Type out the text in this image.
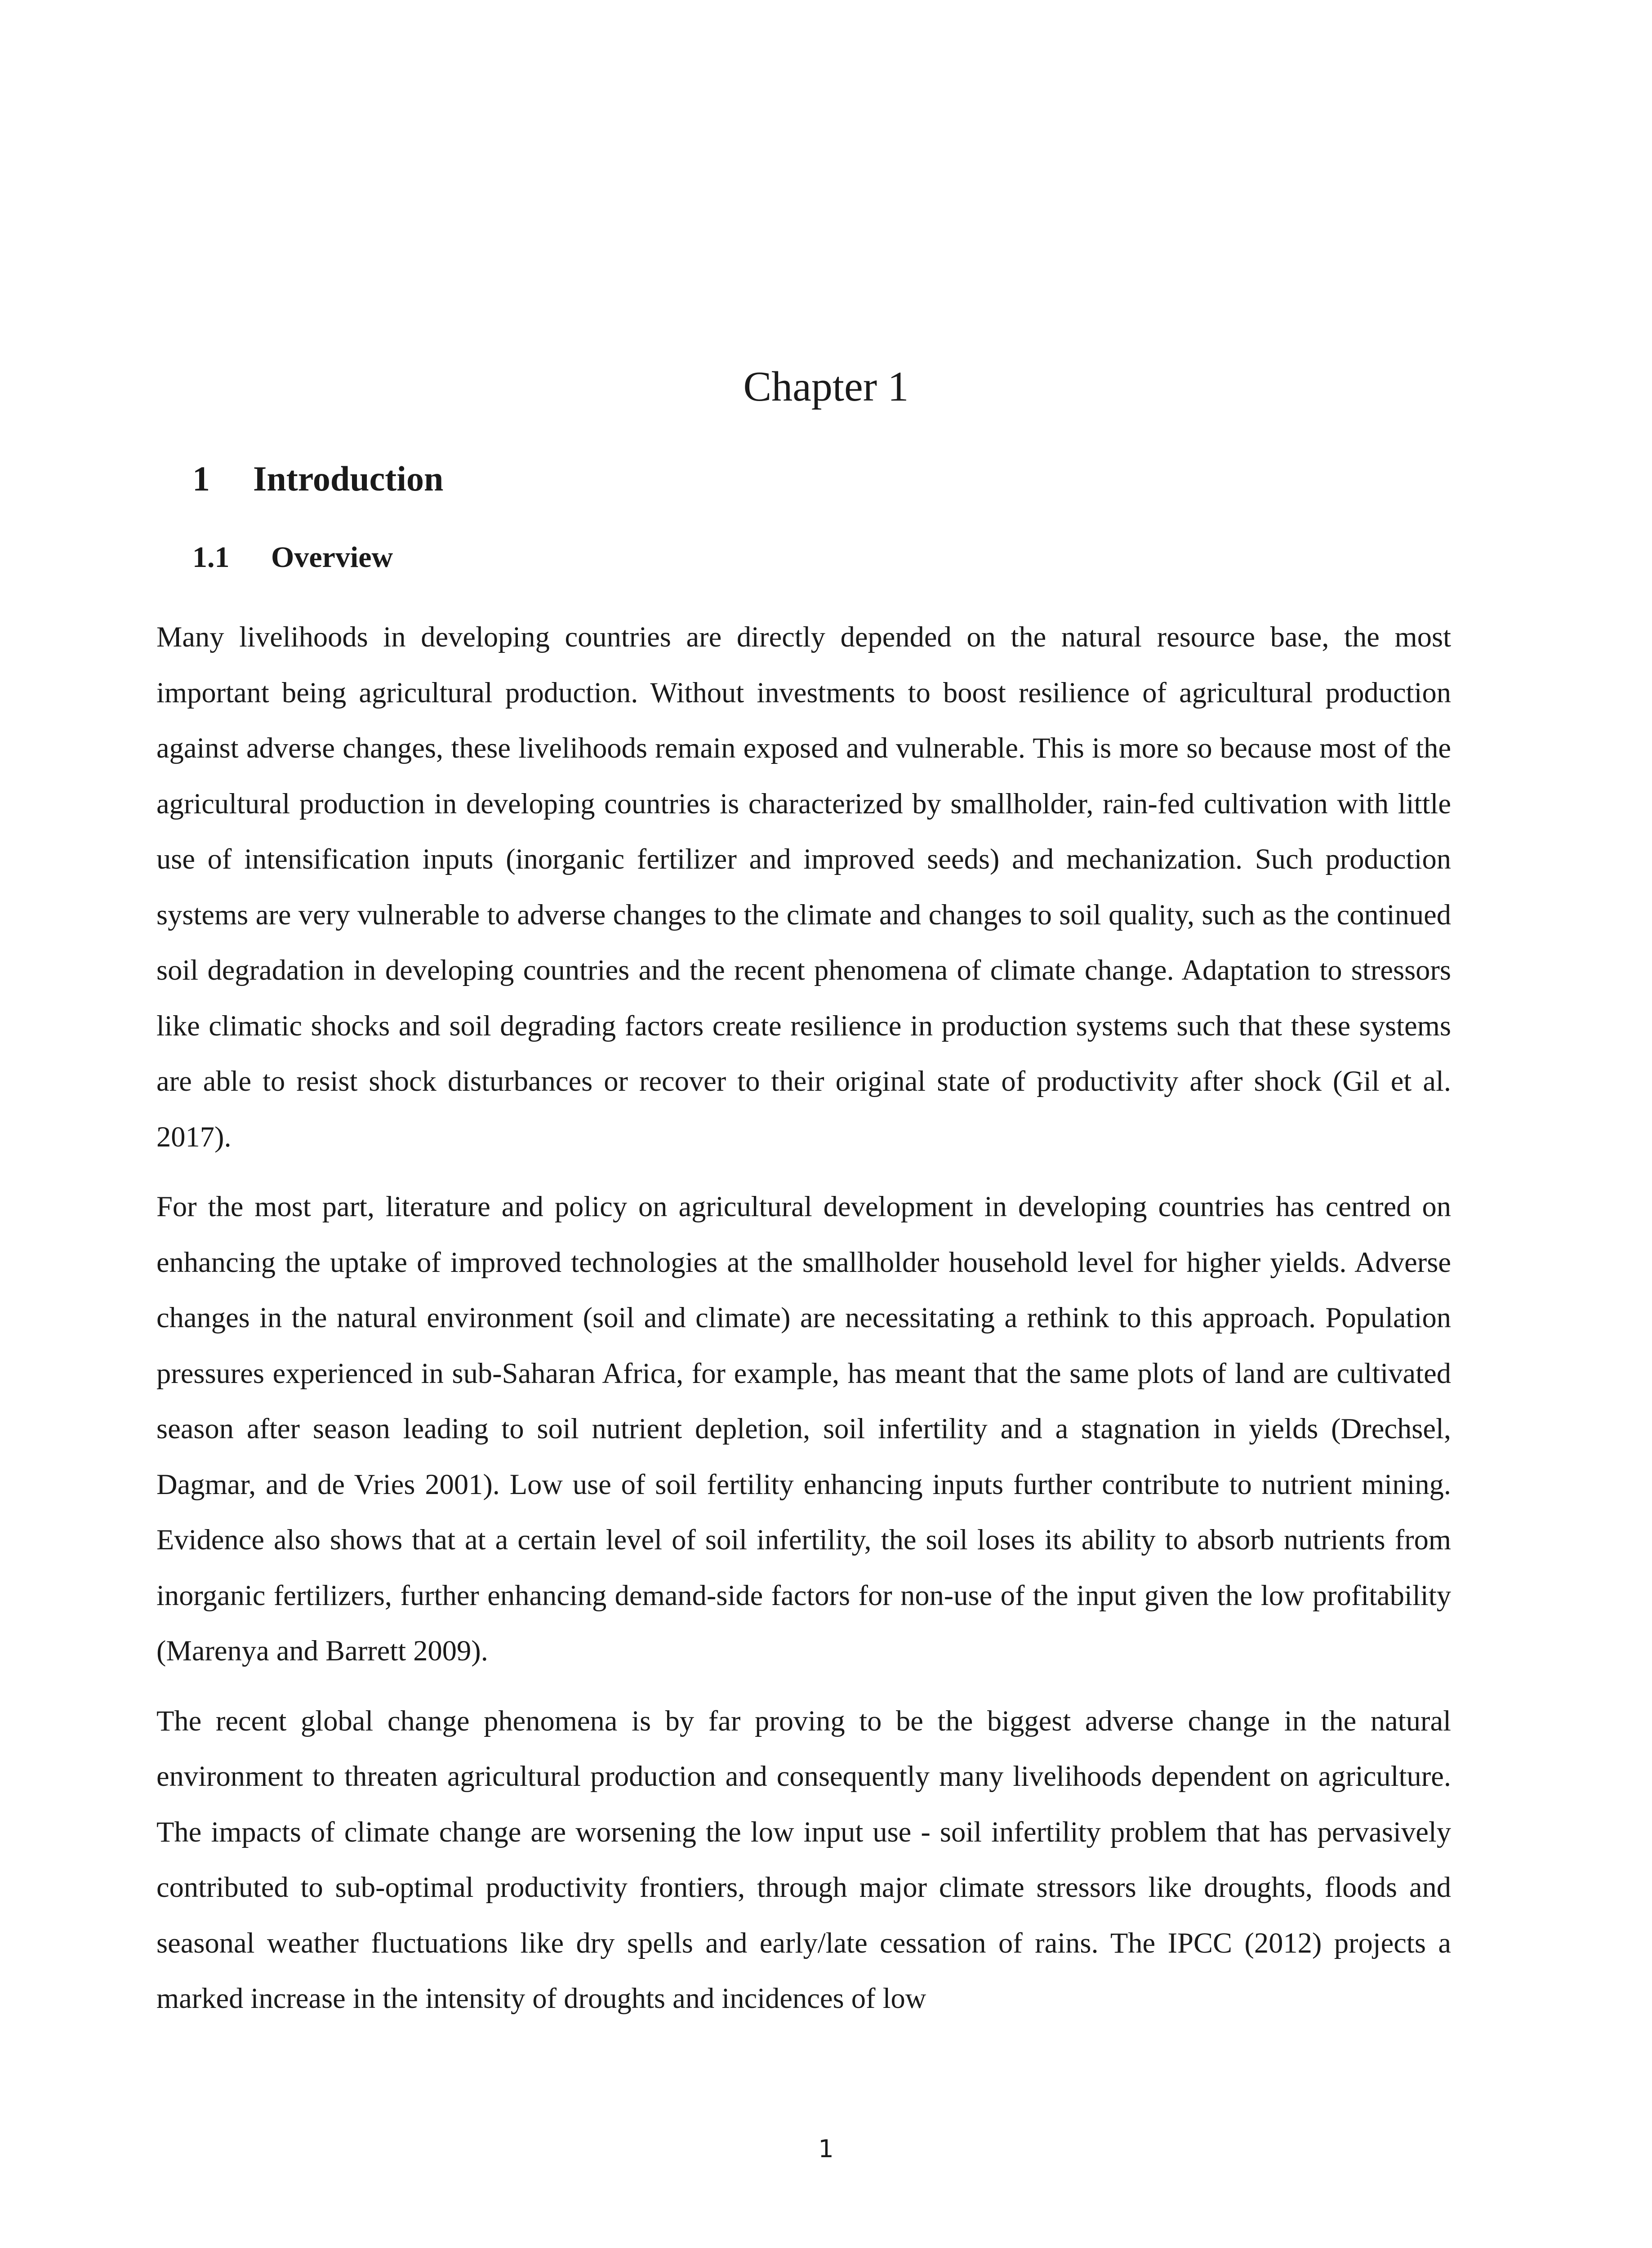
Chapter 1
1 Introduction
1.1 Overview

Many livelihoods in developing countries are directly depended on the natural resource base, the most important being agricultural production. Without investments to boost resilience of agricultural production against adverse changes, these livelihoods remain exposed and vulnerable. This is more so because most of the agricultural production in developing countries is characterized by smallholder, rain-fed cultivation with little use of intensification inputs (inorganic fertilizer and improved seeds) and mechanization. Such production systems are very vulnerable to adverse changes to the climate and changes to soil quality, such as the continued soil degradation in developing countries and the recent phenomena of climate change. Adaptation to stressors like climatic shocks and soil degrading factors create resilience in production systems such that these systems are able to resist shock disturbances or recover to their original state of productivity after shock (Gil et al. 2017).

For the most part, literature and policy on agricultural development in developing countries has centred on enhancing the uptake of improved technologies at the smallholder household level for higher yields. Adverse changes in the natural environment (soil and climate) are necessitating a rethink to this approach. Population pressures experienced in sub-Saharan Africa, for example, has meant that the same plots of land are cultivated season after season leading to soil nutrient depletion, soil infertility and a stagnation in yields (Drechsel, Dagmar, and de Vries 2001). Low use of soil fertility enhancing inputs further contribute to nutrient mining. Evidence also shows that at a certain level of soil infertility, the soil loses its ability to absorb nutrients from inorganic fertilizers, further enhancing demand-side factors for non-use of the input given the low profitability (Marenya and Barrett 2009).

The recent global change phenomena is by far proving to be the biggest adverse change in the natural environment to threaten agricultural production and consequently many livelihoods dependent on agriculture. The impacts of climate change are worsening the low input use - soil infertility problem that has pervasively contributed to sub-optimal productivity frontiers, through major climate stressors like droughts, floods and seasonal weather fluctuations like dry spells and early/late cessation of rains. The IPCC (2012) projects a marked increase in the intensity of droughts and incidences of low

1
